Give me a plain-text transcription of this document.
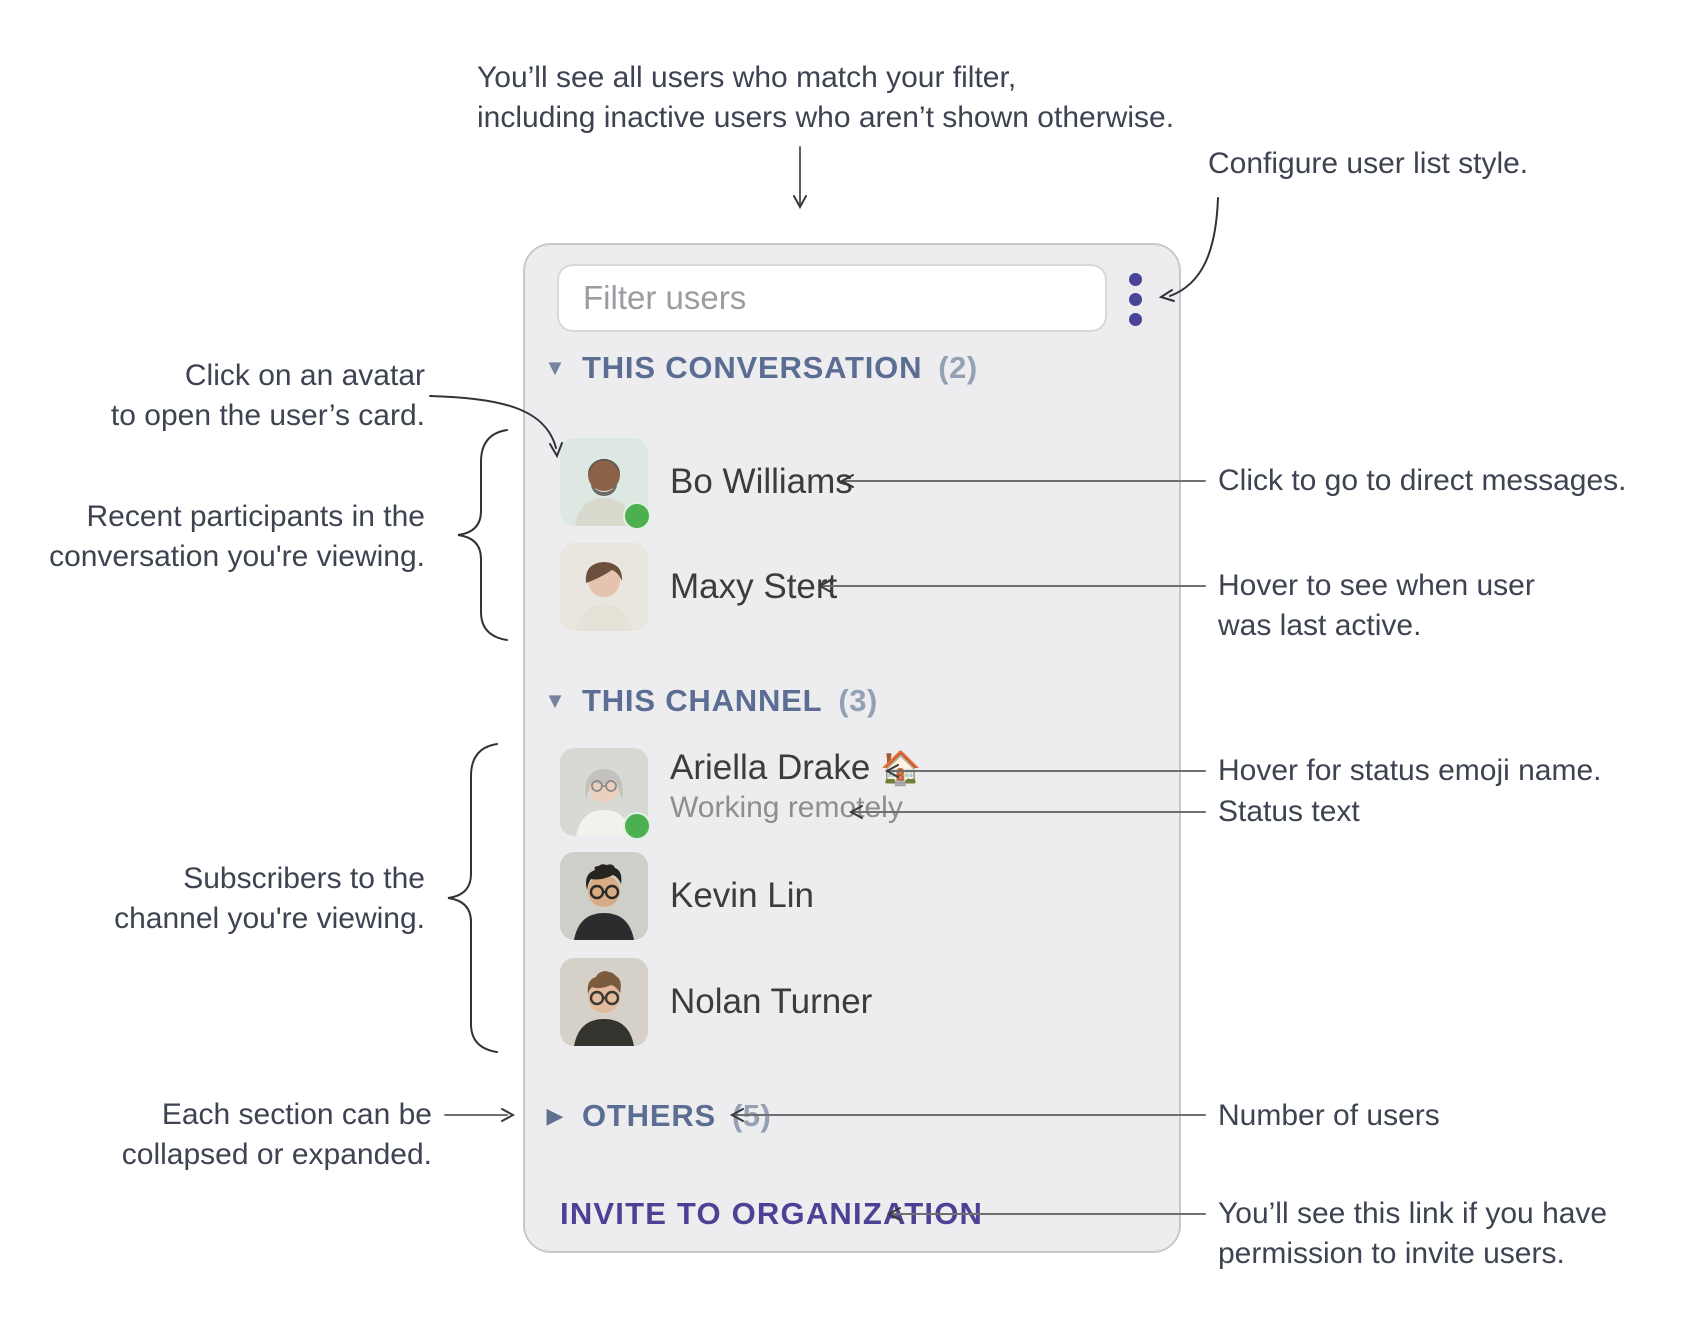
You’ll see all users who match your filter,
including inactive users who aren’t shown otherwise.
Configure user list style.
Click on an avatar
to open the user’s card.
Recent participants in the
conversation you're viewing.
Click to go to direct messages.
Hover to see when user
was last active.
Hover for status emoji name.
Status text
Subscribers to the
channel you're viewing.
Each section can be
collapsed or expanded.
Number of users
You’ll see this link if you have
permission to invite users.
Filter users
▼ THIS CONVERSATION (2)
Bo Williams
Maxy Stert
▼ THIS CHANNEL (3)
Ariella Drake 🏠
Working remotely
Kevin Lin
Nolan Turner
▶ OTHERS (5)
INVITE TO ORGANIZATION
